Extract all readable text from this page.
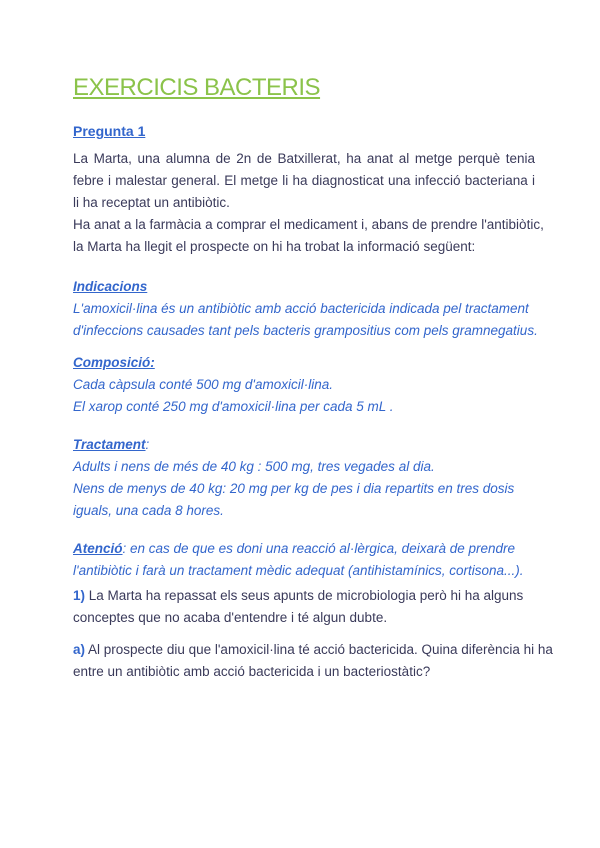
EXERCICIS BACTERIS
Pregunta 1

La Marta, una alumna de 2n de Batxillerat, ha anat al metge perquè tenia febre i malestar general. El metge li ha diagnosticat una infecció bacteriana i li ha receptat un antibiòtic.

Ha anat a la farmàcia a comprar el medicament i, abans de prendre l'antibiòtic,
la Marta ha llegit el prospecte on hi ha trobat la informació següent:
Indicacions
L'amoxicil·lina és un antibiòtic amb acció bactericida indicada pel tractament
d'infeccions causades tant pels bacteris grampositius com pels gramnegatius.
Composició:
Cada càpsula conté 500 mg d'amoxicil·lina.
El xarop conté 250 mg d'amoxicil·lina per cada 5 mL .
Tractament:
Adults i nens de més de 40 kg : 500 mg, tres vegades al dia.
Nens de menys de 40 kg: 20 mg per kg de pes i dia repartits en tres dosis
iguals, una cada 8 hores.
Atenció: en cas de que es doni una reacció al·lèrgica, deixarà de prendre
l'antibiòtic i farà un tractament mèdic adequat (antihistamínics, cortisona...).
1) La Marta ha repassat els seus apunts de microbiologia però hi ha alguns
conceptes que no acaba d'entendre i té algun dubte.
a) Al prospecte diu que l'amoxicil·lina té acció bactericida. Quina diferència hi ha
entre un antibiòtic amb acció bactericida i un bacteriostàtic?
